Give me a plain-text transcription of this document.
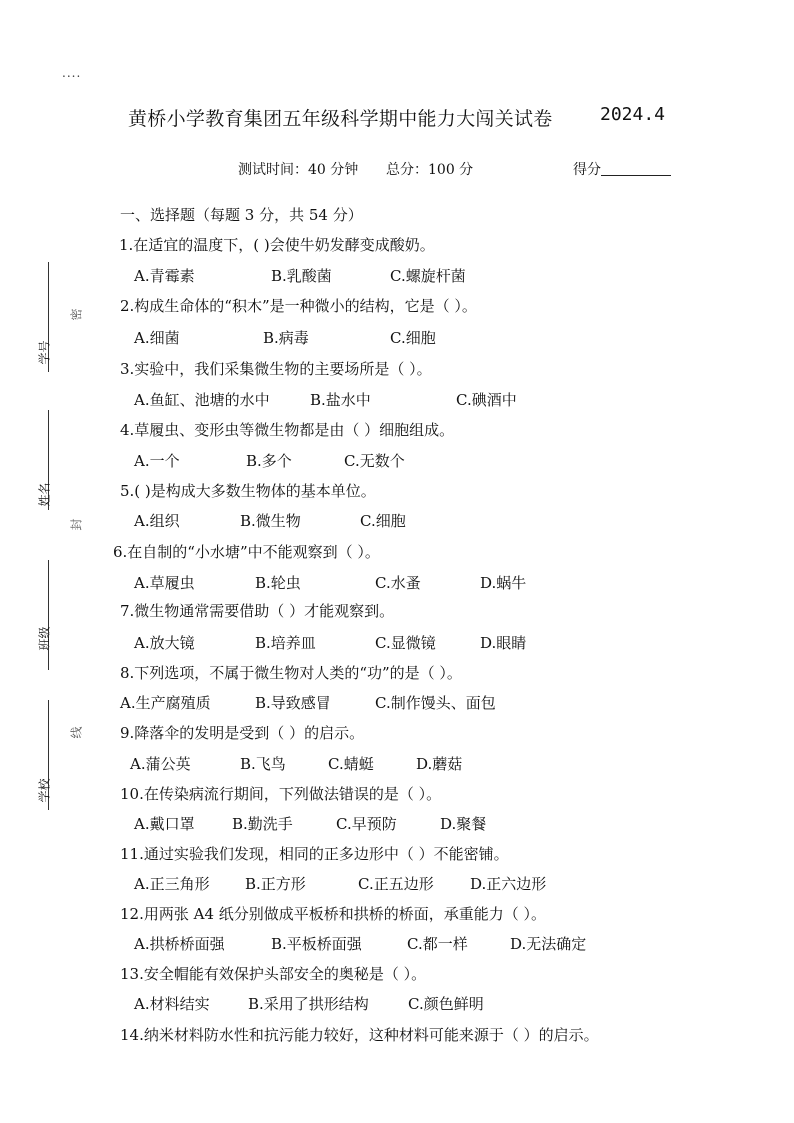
....
黄桥小学教育集团五年级科学期中能力大闯关试卷	2024.4
测试时间：40 分钟 总分：100 分	得分
一、选择题（每题 3 分，共 54 分）
学号
姓名
班级
学校
密
封
线
1.在适宜的温度下，( )会使牛奶发酵变成酸奶。
A.青霉素	B.乳酸菌	C.螺旋杆菌
2.构成生命体的“积木”是一种微小的结构，它是（ ）。
A.细菌	B.病毒	C.细胞
3.实验中，我们采集微生物的主要场所是（ ）。
A.鱼缸、池塘的水中	B.盐水中	C.碘酒中
4.草履虫、变形虫等微生物都是由（ ）细胞组成。
A.一个	B.多个	C.无数个
5.( )是构成大多数生物体的基本单位。
A.组织	B.微生物	C.细胞
6.在自制的“小水塘”中不能观察到（ ）。
A.草履虫	B.轮虫	C.水蚤	D.蜗牛
7.微生物通常需要借助（ ）才能观察到。
A.放大镜	B.培养皿	C.显微镜	D.眼睛
8.下列选项，不属于微生物对人类的“功”的是（ ）。
A.生产腐殖质	B.导致感冒	C.制作馒头、面包
9.降落伞的发明是受到（ ）的启示。
A.蒲公英	B.飞鸟	C.蜻蜓	D.蘑菇
10.在传染病流行期间，下列做法错误的是（ ）。
A.戴口罩 B.勤洗手	C.早预防	D.聚餐
11.通过实验我们发现，相同的正多边形中（ ）不能密铺。
A.正三角形 B.正方形	C.正五边形 D.正六边形
12.用两张 A4 纸分别做成平板桥和拱桥的桥面，承重能力（ ）。
A.拱桥桥面强	B.平板桥面强	C.都一样	D.无法确定
13.安全帽能有效保护头部安全的奥秘是（ ）。
A.材料结实	B.采用了拱形结构	C.颜色鲜明
14.纳米材料防水性和抗污能力较好，这种材料可能来源于（ ）的启示。
